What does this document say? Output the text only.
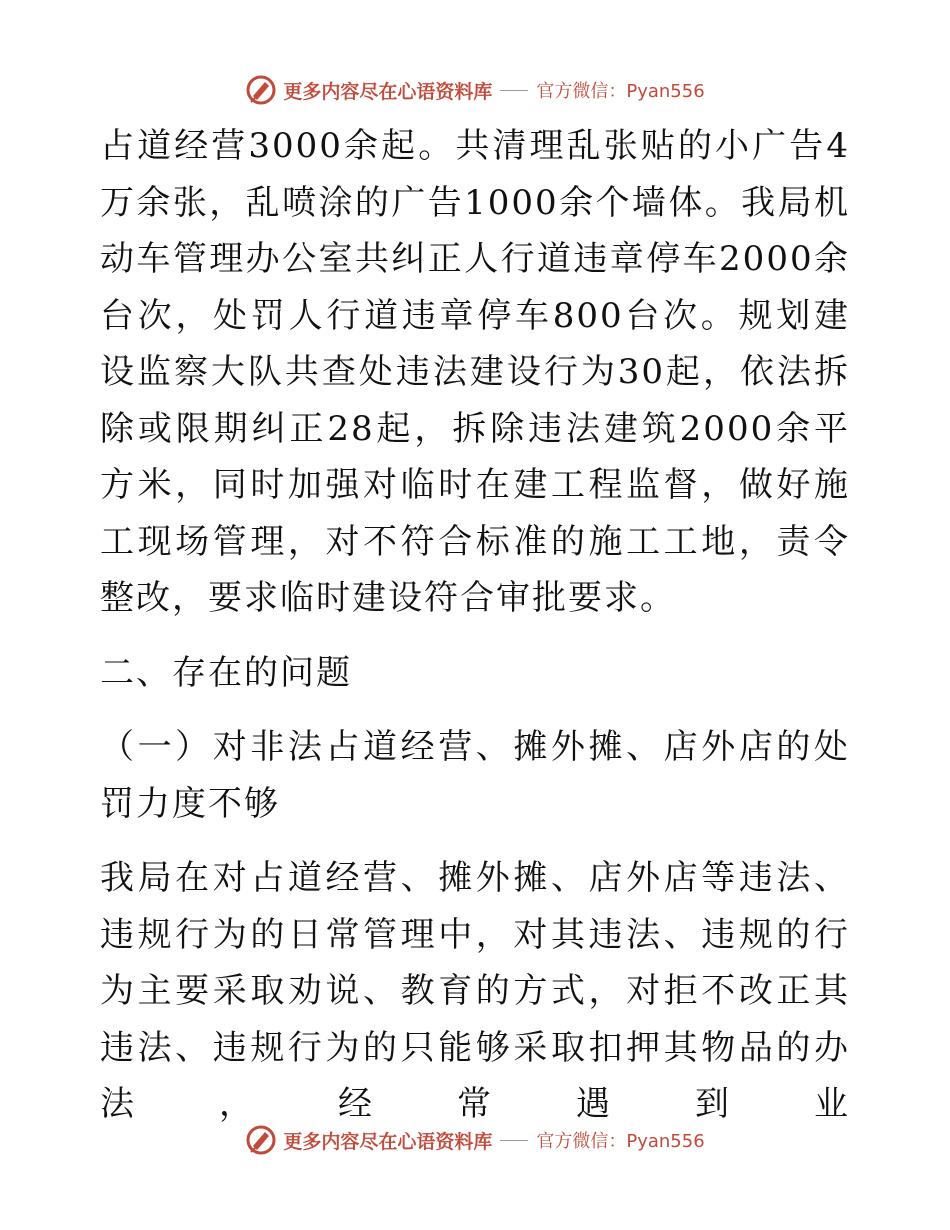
更多内容尽在心语资料库 官方微信：Pyan556

占道经营3000余起。共清理乱张贴的小广告4万余张，乱喷涂的广告1000余个墙体。我局机动车管理办公室共纠正人行道违章停车2000余台次，处罚人行道违章停车800台次。规划建设监察大队共查处违法建设行为30起，依法拆除或限期纠正28起，拆除违法建筑2000余平方米，同时加强对临时在建工程监督，做好施工现场管理，对不符合标准的施工工地，责令整改，要求临时建设符合审批要求。

二、存在的问题

（一）对非法占道经营、摊外摊、店外店的处罚力度不够

我局在对占道经营、摊外摊、店外店等违法、违规行为的日常管理中，对其违法、违规的行为主要采取劝说、教育的方式，对拒不改正其违法、违规行为的只能够采取扣押其物品的办法，经常遇到业

更多内容尽在心语资料库 官方微信：Pyan556
